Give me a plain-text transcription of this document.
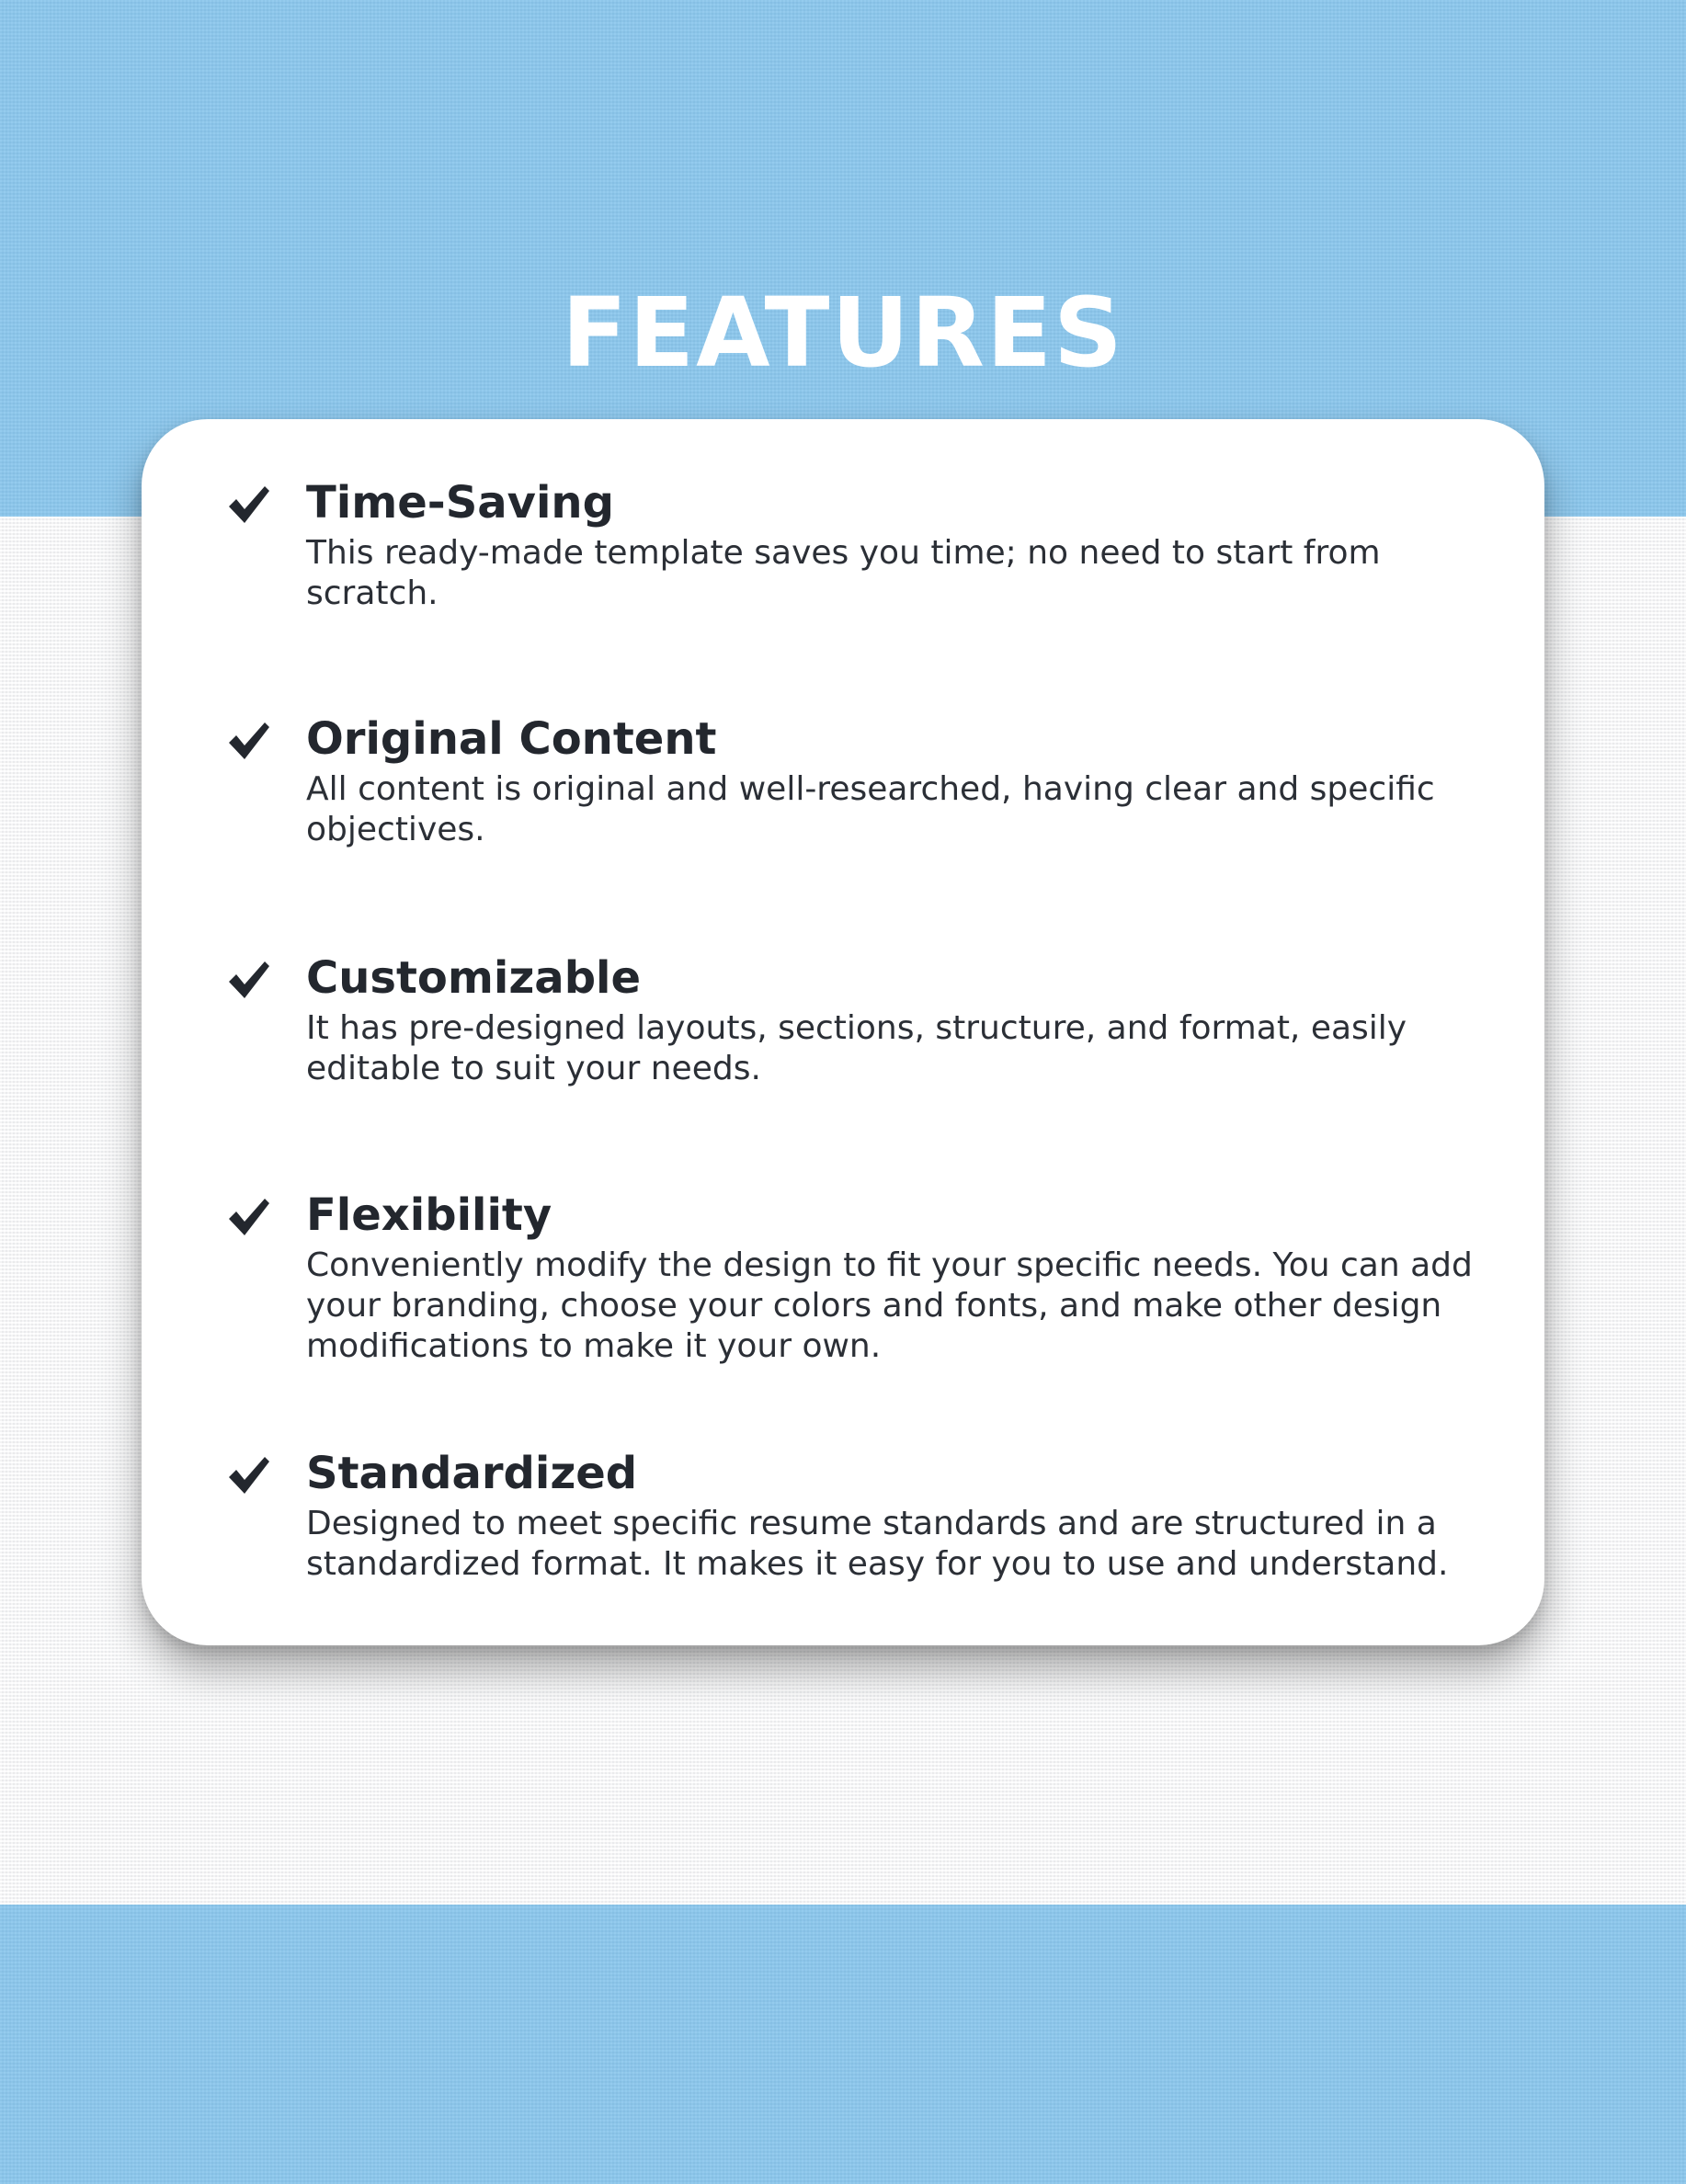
FEATURES
Time-Saving

This ready-made template saves you time; no need to start from scratch.

Original Content

All content is original and well-researched, having clear and specific objectives.

Customizable

It has pre-designed layouts, sections, structure, and format, easily editable to suit your needs.

Flexibility

Conveniently modify the design to fit your specific needs. You can add your branding, choose your colors and fonts, and make other design modifications to make it your own.

Standardized

Designed to meet specific resume standards and are structured in a standardized format. It makes it easy for you to use and understand.
